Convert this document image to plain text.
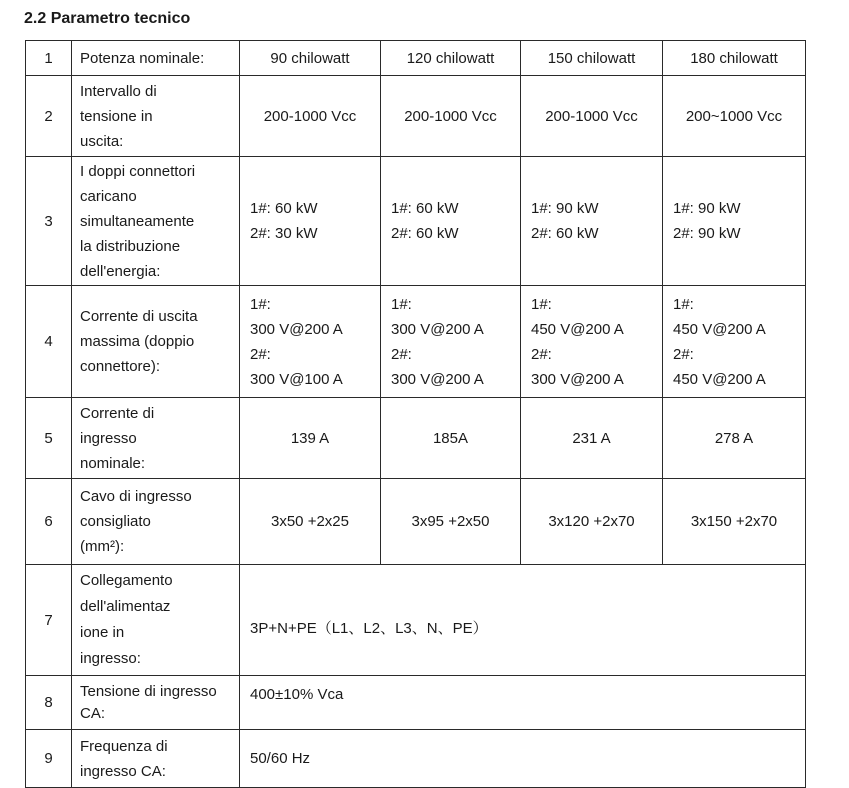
2.2 Parametro tecnico
1	Potenza nominale:	90 chilowatt	120 chilowatt	150 chilowatt	180 chilowatt
2	Intervallo di
tensione in
uscita:	200-1000 Vcc	200-1000 Vcc	200-1000 Vcc	200~1000 Vcc
3	I doppi connettori
caricano
simultaneamente
la distribuzione
dell'energia:	1#: 60 kW
2#: 30 kW	1#: 60 kW
2#: 60 kW	1#: 90 kW
2#: 60 kW	1#: 90 kW
2#: 90 kW

4	Corrente di uscita
massima (doppio
connettore):	1#:
300 V@200 A
2#:
300 V@100 A	1#:
300 V@200 A
2#:
300 V@200 A	1#:
450 V@200 A
2#:
300 V@200 A	1#:
450 V@200 A
2#:
450 V@200 A

5	Corrente di
ingresso
nominale:	139 A	185A	231 A	278 A
6	Cavo di ingresso
consigliato
(mm²):	3x50 +2x25	3x95 +2x50	3x120 +2x70	3x150 +2x70
7	Collegamento
dell'alimentaz
ione in
ingresso:	3P+N+PE（L1、L2、L3、N、PE）			
8	Tensione di ingresso
CA:	400±10% Vca			
9	Frequenza di
ingresso CA:	50/60 Hz			
